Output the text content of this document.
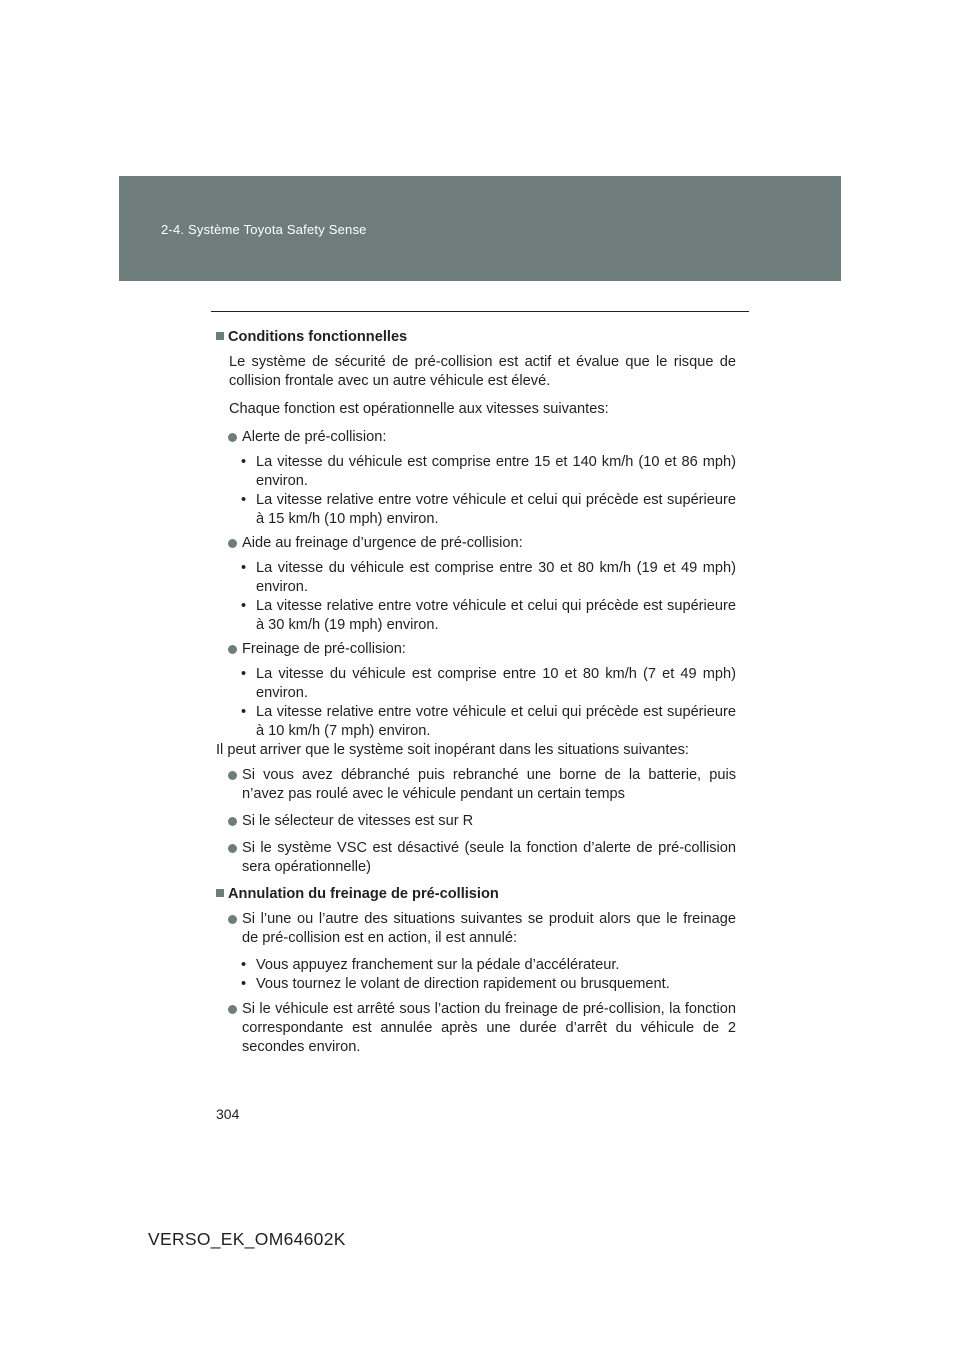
2-4. Système Toyota Safety Sense
Conditions fonctionnelles

Le système de sécurité de pré-collision est actif et évalue que le risque de collision frontale avec un autre véhicule est élevé.

Chaque fonction est opérationnelle aux vitesses suivantes:

Alerte de pré-collision:
• La vitesse du véhicule est comprise entre 15 et 140 km/h (10 et 86 mph) environ.
• La vitesse relative entre votre véhicule et celui qui précède est supérieure à 15 km/h (10 mph) environ.
Aide au freinage d’urgence de pré-collision:
• La vitesse du véhicule est comprise entre 30 et 80 km/h (19 et 49 mph) environ.
• La vitesse relative entre votre véhicule et celui qui précède est supérieure à 30 km/h (19 mph) environ.
Freinage de pré-collision:
• La vitesse du véhicule est comprise entre 10 et 80 km/h (7 et 49 mph) environ.
• La vitesse relative entre votre véhicule et celui qui précède est supérieure à 10 km/h (7 mph) environ.

Il peut arriver que le système soit inopérant dans les situations suivantes:

Si vous avez débranché puis rebranché une borne de la batterie, puis n’avez pas roulé avec le véhicule pendant un certain temps
Si le sélecteur de vitesses est sur R
Si le système VSC est désactivé (seule la fonction d’alerte de pré-collision sera opérationnelle)
Annulation du freinage de pré-collision
Si l’une ou l’autre des situations suivantes se produit alors que le freinage de pré-collision est en action, il est annulé:
• Vous appuyez franchement sur la pédale d’accélérateur.
• Vous tournez le volant de direction rapidement ou brusquement.
Si le véhicule est arrêté sous l’action du freinage de pré-collision, la fonction correspondante est annulée après une durée d’arrêt du véhicule de 2 secondes environ.
304
VERSO_EK_OM64602K
